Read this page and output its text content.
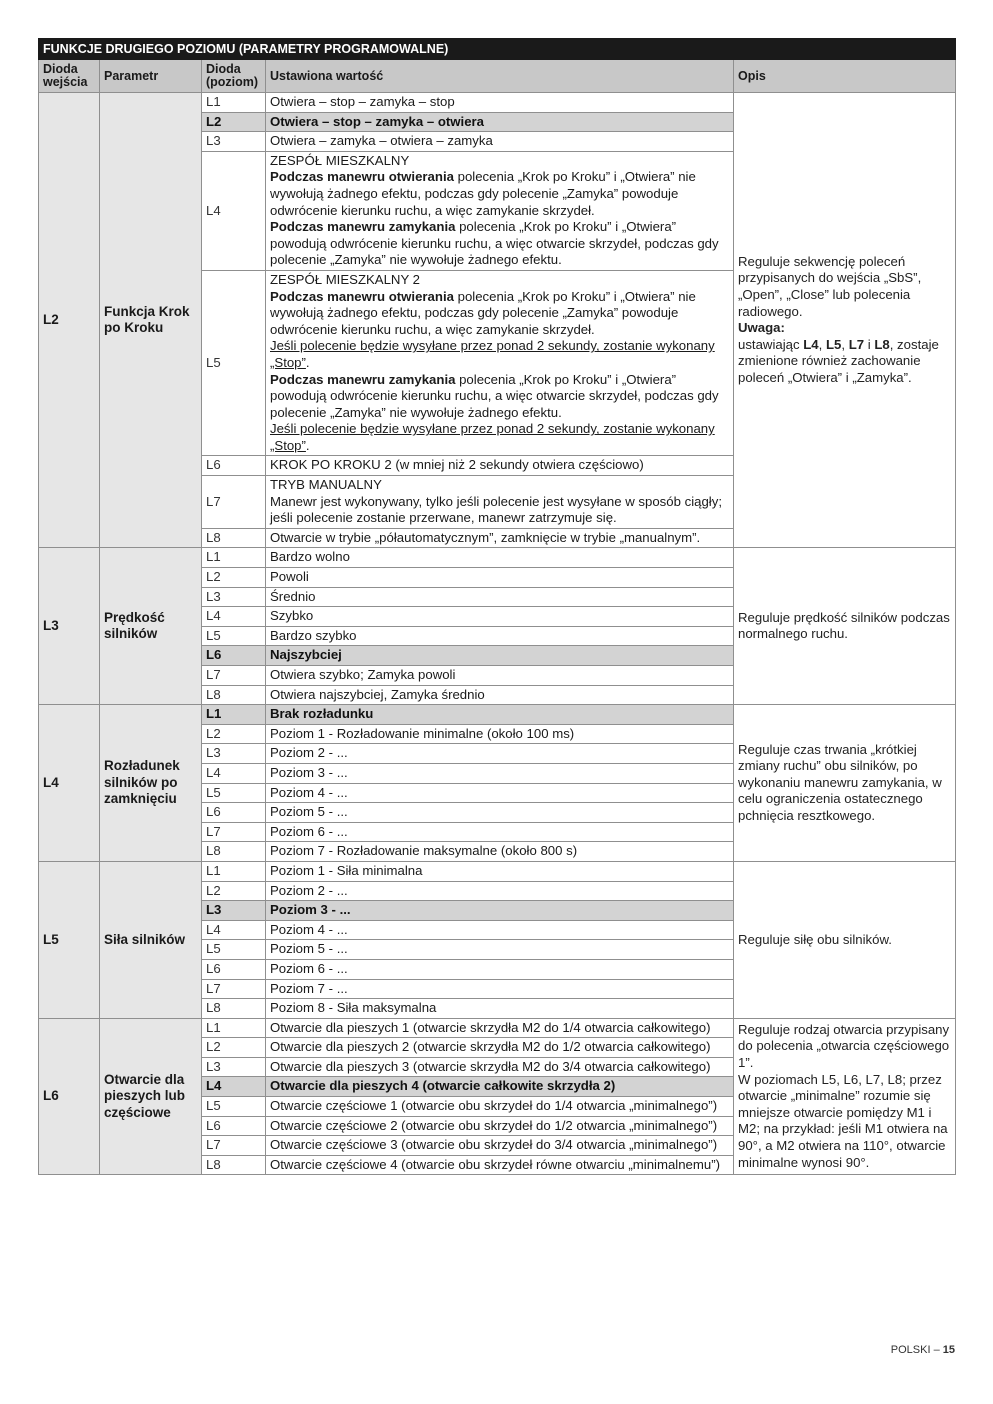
FUNKCJE DRUGIEGO POZIOMU (PARAMETRY PROGRAMOWALNE)				
Dioda wejścia	Parametr	Dioda (poziom)	Ustawiona wartość	Opis
L2	Funkcja Krok po Kroku	L1	Otwiera – stop – zamyka – stop	Reguluje sekwencję poleceń przypisanych do wejścia „SbS”, „Open”, „Close” lub polecenia radiowego.
Uwaga:
ustawiając L4, L5, L7 i L8, zostaje zmienione również zachowanie poleceń „Otwiera” i „Zamyka”.
		L2	Otwiera – stop – zamyka – otwiera	
		L3	Otwiera – zamyka – otwiera – zamyka	
		L4	ZESPÓŁ MIESZKALNY
Podczas manewru otwierania polecenia „Krok po Kroku” i „Otwiera” nie wywołują żadnego efektu, podczas gdy polecenie „Zamyka” powoduje odwrócenie kierunku ruchu, a więc zamykanie skrzydeł.
Podczas manewru zamykania polecenia „Krok po Kroku” i „Otwiera” powodują odwrócenie kierunku ruchu, a więc otwarcie skrzydeł, podczas gdy polecenie „Zamyka” nie wywołuje żadnego efektu.	
		L5	ZESPÓŁ MIESZKALNY 2
Podczas manewru otwierania polecenia „Krok po Kroku” i „Otwiera” nie wywołują żadnego efektu, podczas gdy polecenie „Zamyka” powoduje odwrócenie kierunku ruchu, a więc zamykanie skrzydeł.
Jeśli polecenie będzie wysyłane przez ponad 2 sekundy, zostanie wykonany „Stop”.
Podczas manewru zamykania polecenia „Krok po Kroku” i „Otwiera” powodują odwrócenie kierunku ruchu, a więc otwarcie skrzydeł, podczas gdy polecenie „Zamyka” nie wywołuje żadnego efektu.
Jeśli polecenie będzie wysyłane przez ponad 2 sekundy, zostanie wykonany „Stop”.	
		L6	KROK PO KROKU 2 (w mniej niż 2 sekundy otwiera częściowo)	
		L7	TRYB MANUALNY
Manewr jest wykonywany, tylko jeśli polecenie jest wysyłane w sposób ciągły; jeśli polecenie zostanie przerwane, manewr zatrzymuje się.	
		L8	Otwarcie w trybie „półautomatycznym”, zamknięcie w trybie „manualnym”.	
L3	Prędkość silników	L1	Bardzo wolno	Reguluje prędkość silników podczas normalnego ruchu.
		L2	Powoli	
		L3	Średnio	
		L4	Szybko	
		L5	Bardzo szybko	
		L6	Najszybciej	
		L7	Otwiera szybko; Zamyka powoli	
		L8	Otwiera najszybciej, Zamyka średnio	
L4	Rozładunek silników po zamknięciu	L1	Brak rozładunku	Reguluje czas trwania „krótkiej zmiany ruchu” obu silników, po wykonaniu manewru zamykania, w celu ograniczenia ostatecznego pchnięcia resztkowego.
		L2	Poziom 1 - Rozładowanie minimalne (około 100 ms)	
		L3	Poziom 2 - ...	
		L4	Poziom 3 - ...	
		L5	Poziom 4 - ...	
		L6	Poziom 5 - ...	
		L7	Poziom 6 - ...	
		L8	Poziom 7 - Rozładowanie maksymalne (około 800 s)	
L5	Siła silników	L1	Poziom 1 - Siła minimalna	Reguluje siłę obu silników.
		L2	Poziom 2 - ...	
		L3	Poziom 3 - ...	
		L4	Poziom 4 - ...	
		L5	Poziom 5 - ...	
		L6	Poziom 6 - ...	
		L7	Poziom 7 - ...	
		L8	Poziom 8 - Siła maksymalna	
L6	Otwarcie dla pieszych lub częściowe	L1	Otwarcie dla pieszych 1 (otwarcie skrzydła M2 do 1/4 otwarcia całkowitego)	Reguluje rodzaj otwarcia przypisany do polecenia „otwarcia częściowego 1”.
W poziomach L5, L6, L7, L8; przez otwarcie „minimalne” rozumie się mniejsze otwarcie pomiędzy M1 i M2; na przykład: jeśli M1 otwiera na 90°, a M2 otwiera na 110°, otwarcie minimalne wynosi 90°.
		L2	Otwarcie dla pieszych 2 (otwarcie skrzydła M2 do 1/2 otwarcia całkowitego)	
		L3	Otwarcie dla pieszych 3 (otwarcie skrzydła M2 do 3/4 otwarcia całkowitego)	
		L4	Otwarcie dla pieszych 4 (otwarcie całkowite skrzydła 2)	
		L5	Otwarcie częściowe 1 (otwarcie obu skrzydeł do 1/4 otwarcia „minimalnego”)	
		L6	Otwarcie częściowe 2 (otwarcie obu skrzydeł do 1/2 otwarcia „minimalnego”)	
		L7	Otwarcie częściowe 3 (otwarcie obu skrzydeł do 3/4 otwarcia „minimalnego”)	
		L8	Otwarcie częściowe 4 (otwarcie obu skrzydeł równe otwarciu „minimalnemu”)	
POLSKI – 15
